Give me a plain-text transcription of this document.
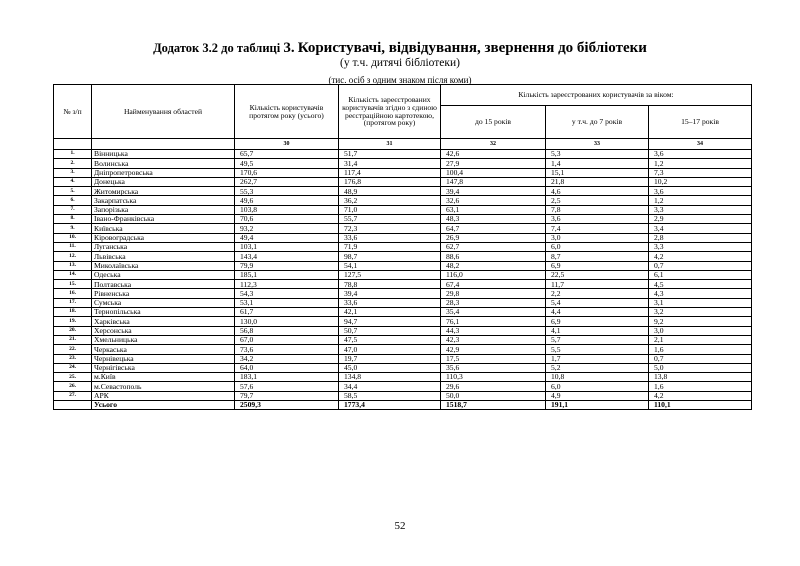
Додаток 3.2 до таблиці 3. Користувачі, відвідування, звернення до бібліотеки
(у т.ч. дитячі бібліотеки)
(тис. осіб з одним знаком після коми)
№ з/п	Найменування областей	Кількість користувачів протягом року (усього)	Кількість зареєстрованих користувачів згідно з єдиною реєстраційною картотекою, (протягом року)	Кількість зареєстрованих користувачів за віком:		
				до 15 років	у т.ч. до 7 років	15–17 років
		30	31	32	33	34
1.	Вінницька	65,7	51,7	42,6	5,3	3,6
2.	Волинська	49,5	31,4	27,9	1,4	1,2
3.	Дніпропетровська	170,6	117,4	100,4	15,1	7,3
4.	Донецька	262,7	176,8	147,8	21,8	10,2
5.	Житомирська	55,3	48,9	39,4	4,6	3,6
6.	Закарпатська	49,6	36,2	32,6	2,5	1,2
7.	Запорізька	103,8	71,0	63,1	7,8	3,3
8.	Івано-Франківська	70,6	55,7	48,3	3,6	2,9
9.	Київська	93,2	72,3	64,7	7,4	3,4
10.	Кіровоградська	49,4	33,6	26,9	3,0	2,8
11.	Луганська	103,1	71,9	62,7	6,0	3,3
12.	Львівська	143,4	98,7	88,6	8,7	4,2
13.	Миколаївська	79,9	54,1	48,2	6,9	0,7
14.	Одеська	185,1	127,5	116,0	22,5	6,1
15.	Полтавська	112,3	78,8	67,4	11,7	4,5
16.	Рівненська	54,3	39,4	29,8	2,2	4,3
17.	Сумська	53,1	33,6	28,3	5,4	3,1
18.	Тернопільська	61,7	42,1	35,4	4,4	3,2
19.	Харківська	130,0	94,7	76,1	6,9	9,2
20.	Херсонська	56,8	50,7	44,3	4,1	3,0
21.	Хмельницька	67,0	47,5	42,3	5,7	2,1
22.	Черкаська	73,6	47,0	42,9	5,5	1,6
23.	Чернівецька	34,2	19,7	17,5	1,7	0,7
24.	Чернігівська	64,0	45,0	35,6	5,2	5,0
25.	м.Київ	183,1	134,8	110,3	10,8	13,8
26.	м.Севастополь	57,6	34,4	29,6	6,0	1,6
27.	АРК	79,7	58,5	50,0	4,9	4,2
	Усього	2509,3	1773,4	1518,7	191,1	110,1
52
